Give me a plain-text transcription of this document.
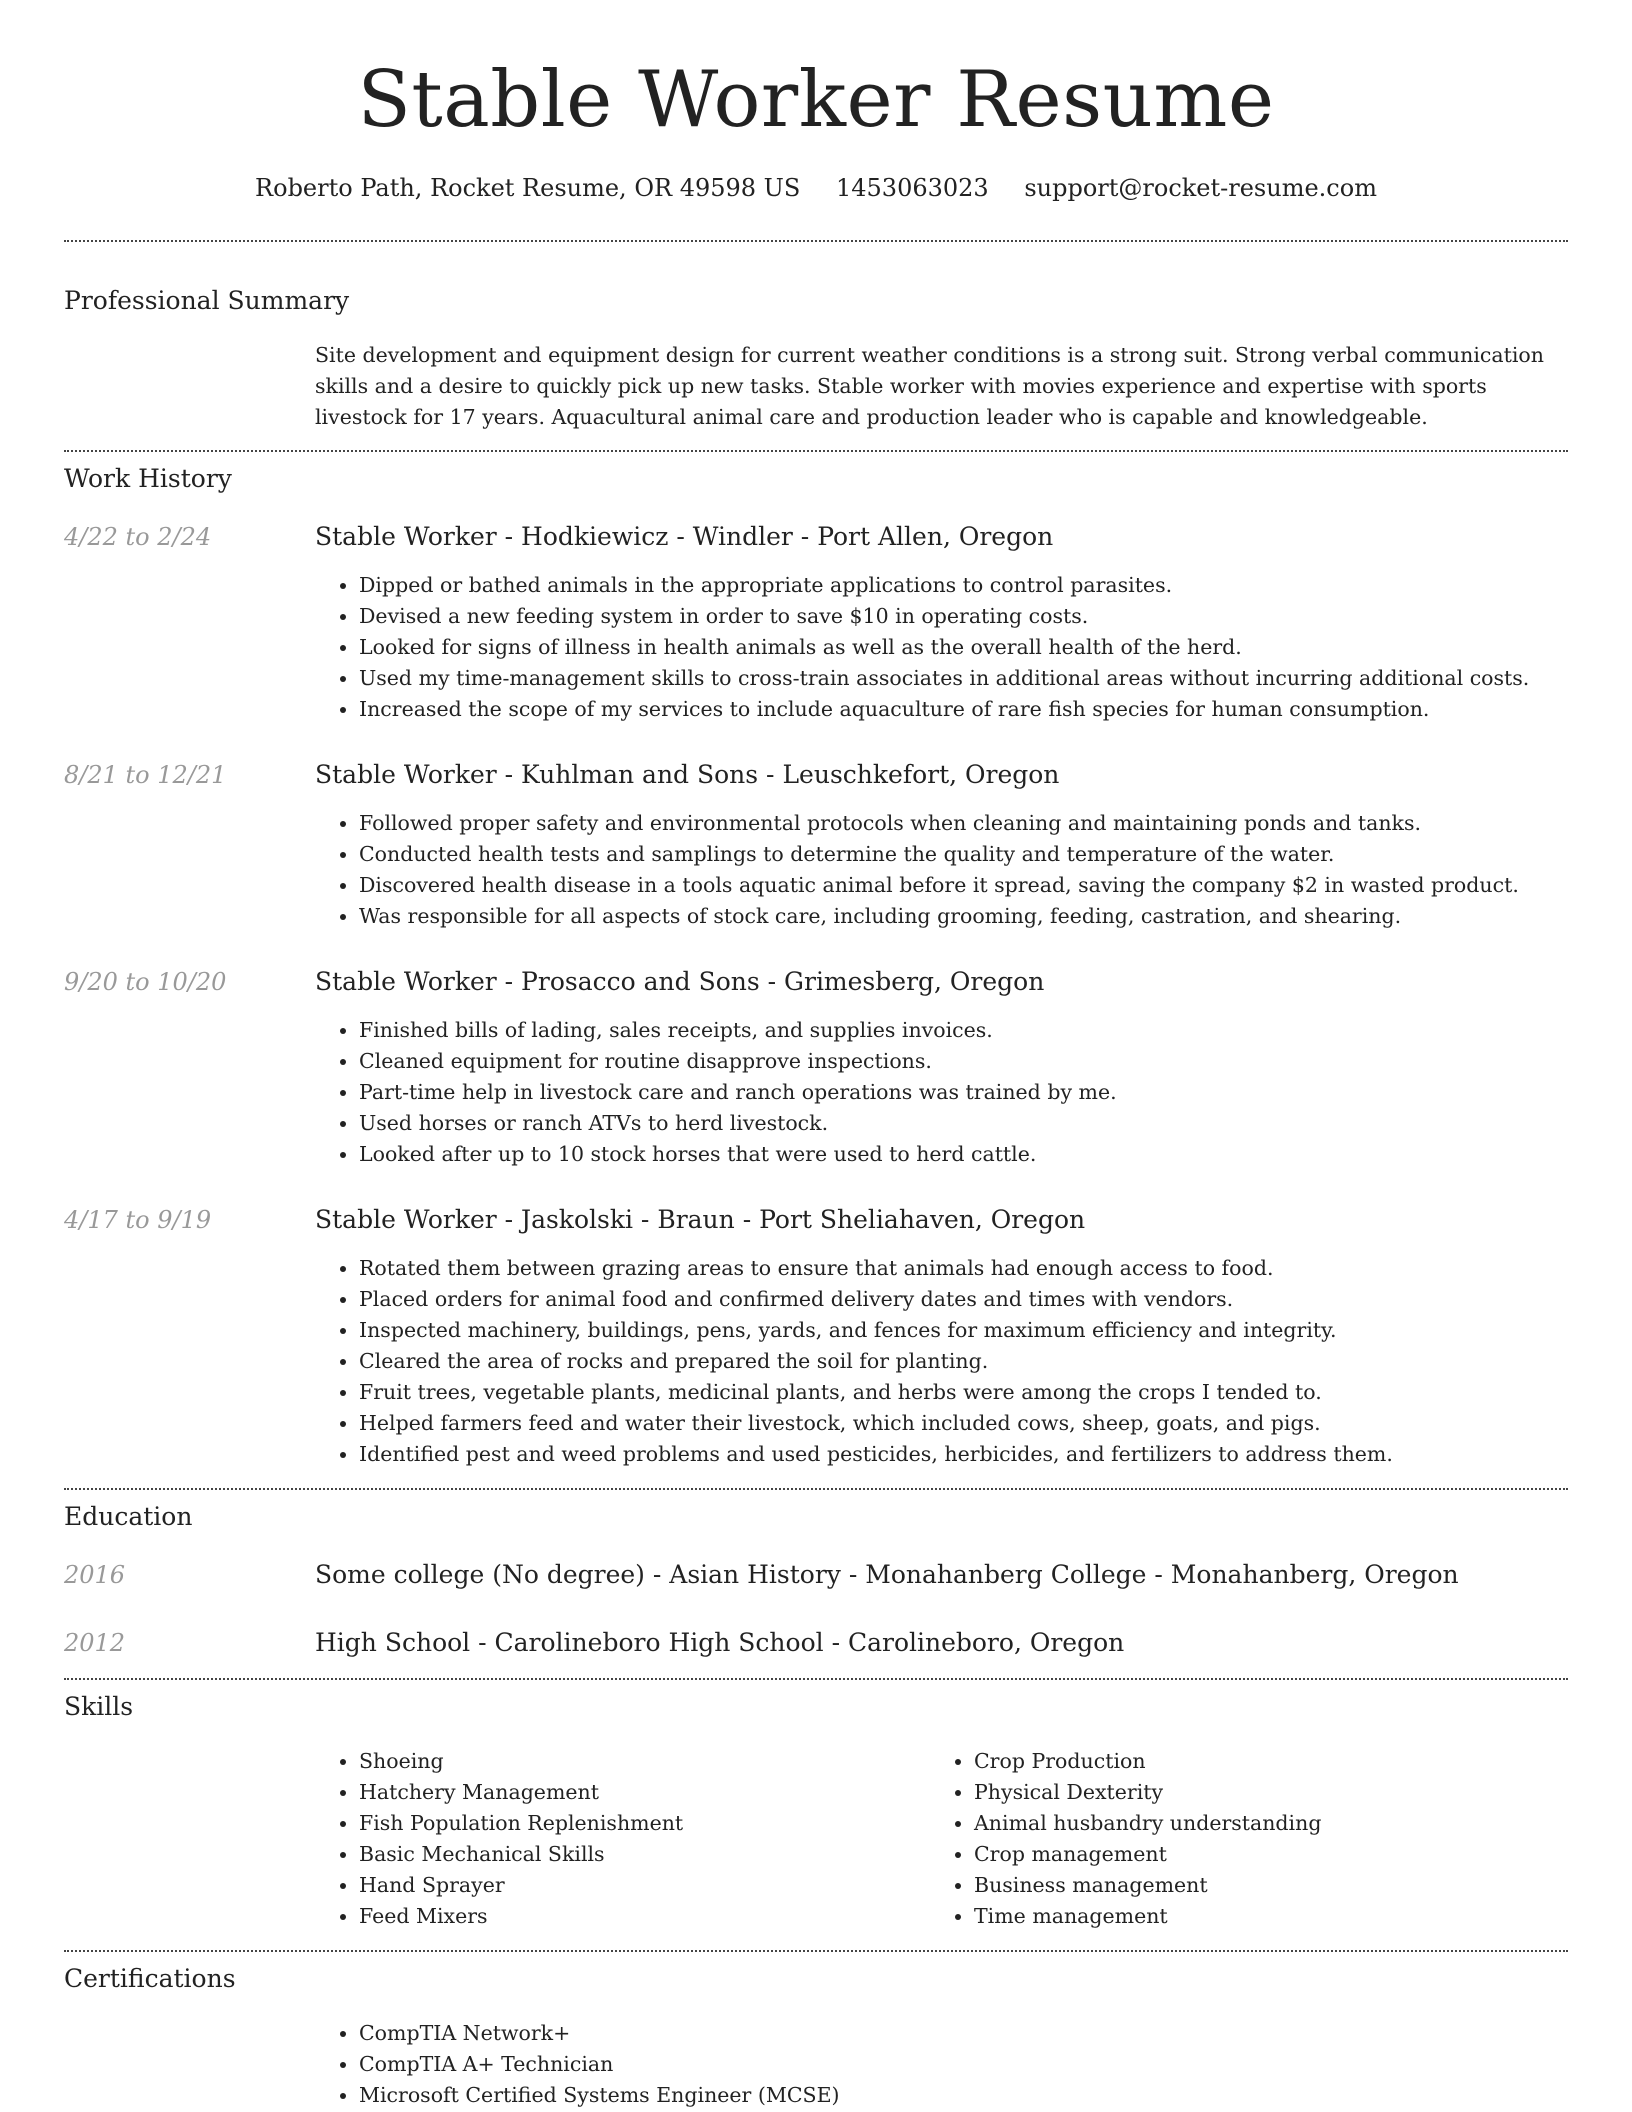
Stable Worker Resume
Roberto Path, Rocket Resume, OR 49598 US 1453063023 support@rocket-resume.com
Professional Summary

Site development and equipment design for current weather conditions is a strong suit. Strong verbal communication skills and a desire to quickly pick up new tasks. Stable worker with movies experience and expertise with sports livestock for 17 years. Aquacultural animal care and production leader who is capable and knowledgeable.

Work History
4/22 to 2/24	Stable Worker - Hodkiewicz - Windler - Port Allen, Oregon
• Dipped or bathed animals in the appropriate applications to control parasites.
• Devised a new feeding system in order to save $10 in operating costs.
• Looked for signs of illness in health animals as well as the overall health of the herd.
• Used my time-management skills to cross-train associates in additional areas without incurring additional costs.
• Increased the scope of my services to include aquaculture of rare fish species for human consumption.
8/21 to 12/21	Stable Worker - Kuhlman and Sons - Leuschkefort, Oregon
• Followed proper safety and environmental protocols when cleaning and maintaining ponds and tanks.
• Conducted health tests and samplings to determine the quality and temperature of the water.
• Discovered health disease in a tools aquatic animal before it spread, saving the company $2 in wasted product.
• Was responsible for all aspects of stock care, including grooming, feeding, castration, and shearing.
9/20 to 10/20	Stable Worker - Prosacco and Sons - Grimesberg, Oregon
• Finished bills of lading, sales receipts, and supplies invoices.
• Cleaned equipment for routine disapprove inspections.
• Part-time help in livestock care and ranch operations was trained by me.
• Used horses or ranch ATVs to herd livestock.
• Looked after up to 10 stock horses that were used to herd cattle.
4/17 to 9/19	Stable Worker - Jaskolski - Braun - Port Sheliahaven, Oregon
• Rotated them between grazing areas to ensure that animals had enough access to food.
• Placed orders for animal food and confirmed delivery dates and times with vendors.
• Inspected machinery, buildings, pens, yards, and fences for maximum efficiency and integrity.
• Cleared the area of rocks and prepared the soil for planting.
• Fruit trees, vegetable plants, medicinal plants, and herbs were among the crops I tended to.
• Helped farmers feed and water their livestock, which included cows, sheep, goats, and pigs.
• Identified pest and weed problems and used pesticides, herbicides, and fertilizers to address them.
Education
2016	Some college (No degree) - Asian History - Monahanberg College - Monahanberg, Oregon
2012	High School - Carolineboro High School - Carolineboro, Oregon
Skills
• Shoeing
• Hatchery Management
• Fish Population Replenishment
• Basic Mechanical Skills
• Hand Sprayer
• Feed Mixers
• Crop Production
• Physical Dexterity
• Animal husbandry understanding
• Crop management
• Business management
• Time management
Certifications
• CompTIA Network+
• CompTIA A+ Technician
• Microsoft Certified Systems Engineer (MCSE)
